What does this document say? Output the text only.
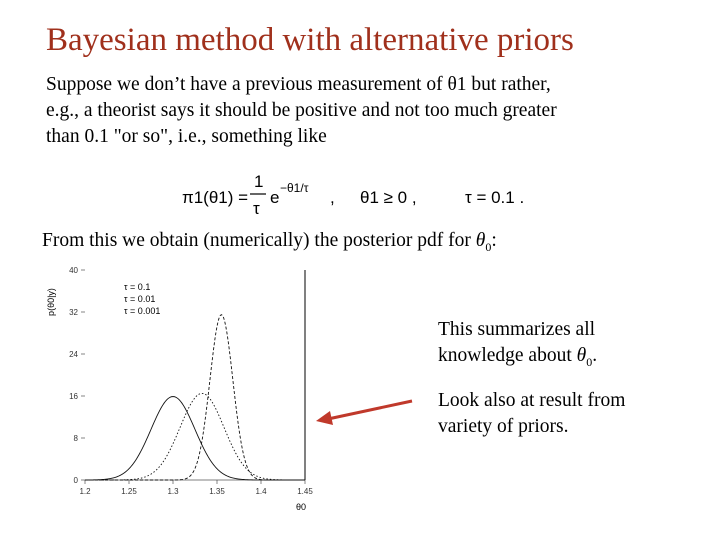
Bayesian method with alternative priors
Suppose we don’t have a previous measurement of θ1 but rather,
e.g., a theorist says it should be positive and not too much greater
than 0.1 "or so", i.e., something like
π1(θ1) =
1
τ
e −θ1/τ , θ1 ≥ 0 ,	τ = 0.1 .
From this we obtain (numerically) the posterior pdf for $\theta_0$:
0
8
16
24
32
40
1.2	1.25	1.3	1.35	1.4	1.45
p(θ0|y)
θ0
τ = 0.1
τ = 0.01
τ = 0.001
This summarizes all
knowledge about $\theta_0$.
Look also at result from
variety of priors.
